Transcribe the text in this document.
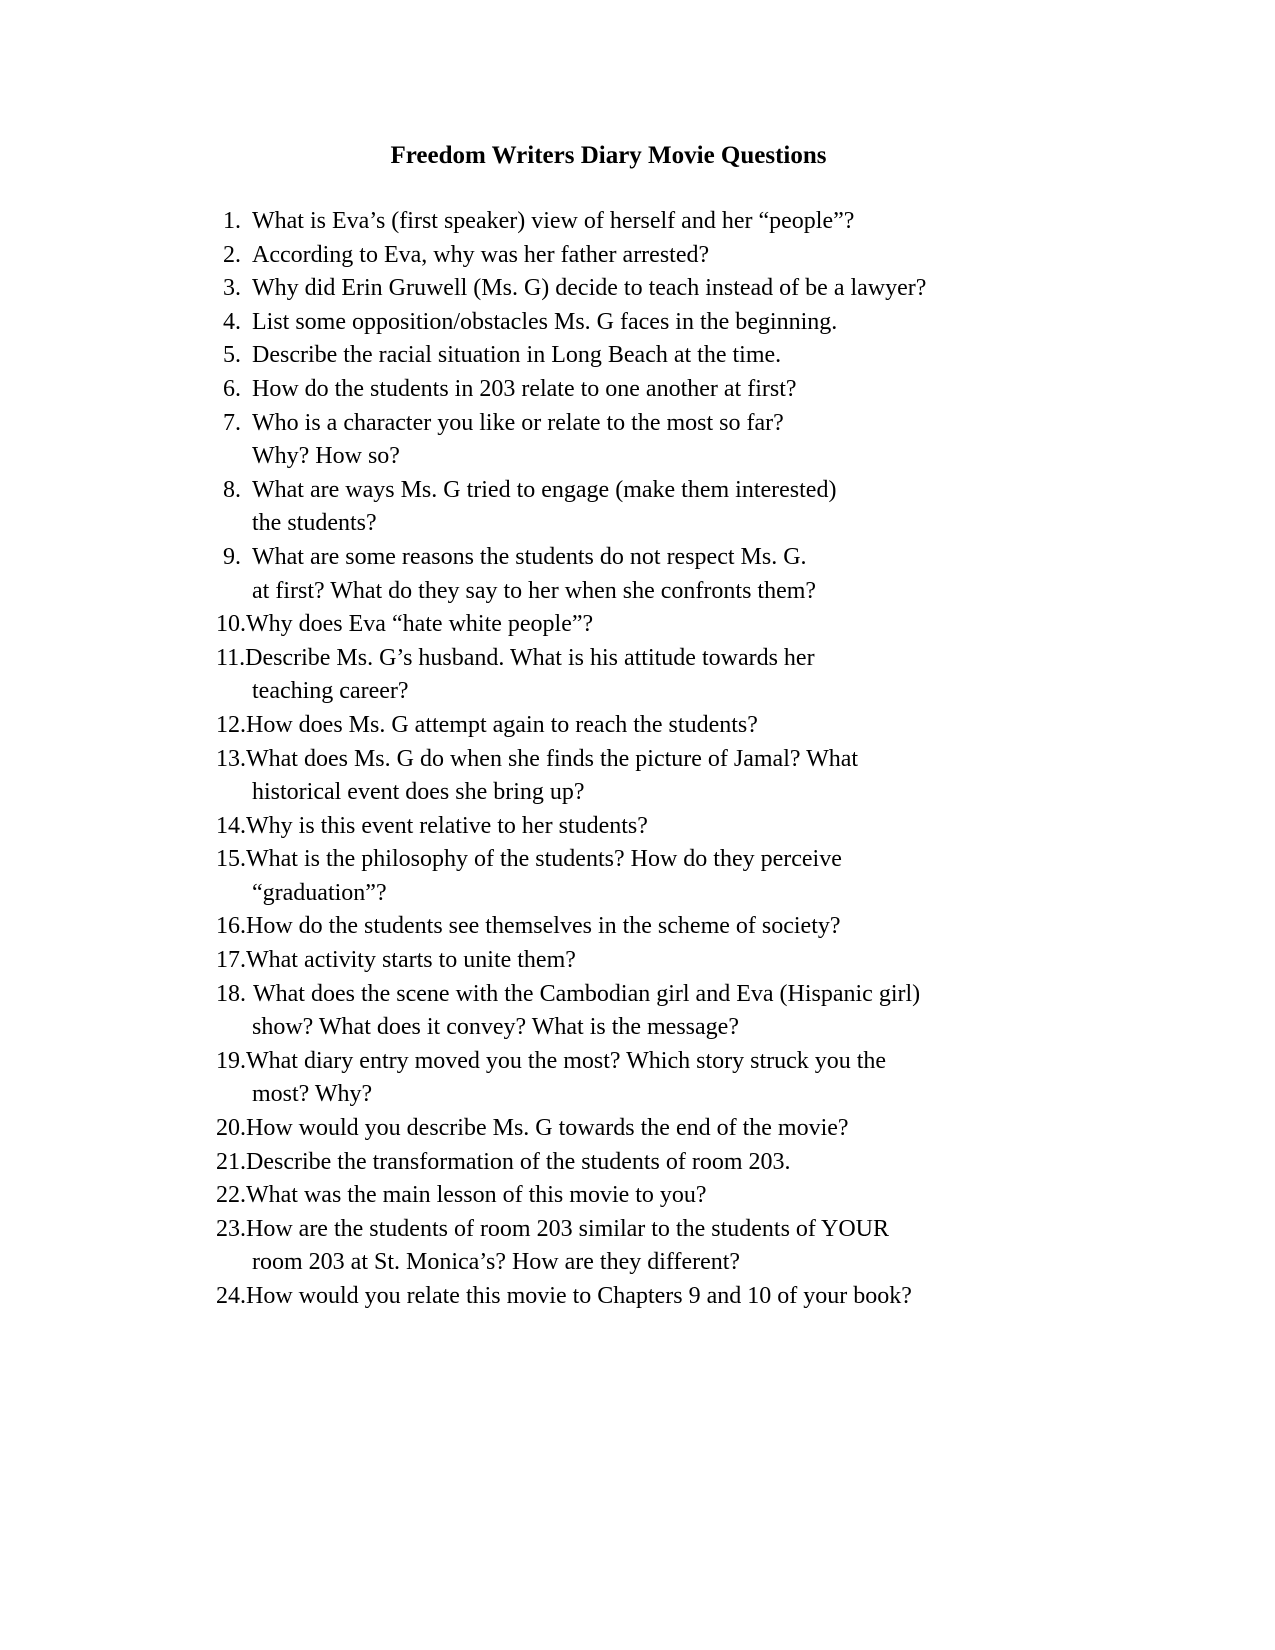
Freedom Writers Diary Movie Questions
1. What is Eva’s (first speaker) view of herself and her “people”?
2. According to Eva, why was her father arrested?
3. Why did Erin Gruwell (Ms. G) decide to teach instead of be a lawyer?
4. List some opposition/obstacles Ms. G faces in the beginning.
5. Describe the racial situation in Long Beach at the time.
6. How do the students in 203 relate to one another at first?
7. Who is a character you like or relate to the most so far?
Why? How so?
8. What are ways Ms. G tried to engage (make them interested)
the students?
9. What are some reasons the students do not respect Ms. G.
at first? What do they say to her when she confronts them?
10.Why does Eva “hate white people”?
11.Describe Ms. G’s husband. What is his attitude towards her
teaching career?
12.How does Ms. G attempt again to reach the students?
13.What does Ms. G do when she finds the picture of Jamal? What
historical event does she bring up?
14.Why is this event relative to her students?
15.What is the philosophy of the students? How do they perceive
“graduation”?
16.How do the students see themselves in the scheme of society?
17.What activity starts to unite them?
18. What does the scene with the Cambodian girl and Eva (Hispanic girl)
show? What does it convey? What is the message?
19.What diary entry moved you the most? Which story struck you the
most? Why?
20.How would you describe Ms. G towards the end of the movie?
21.Describe the transformation of the students of room 203.
22.What was the main lesson of this movie to you?
23.How are the students of room 203 similar to the students of YOUR
room 203 at St. Monica’s? How are they different?
24.How would you relate this movie to Chapters 9 and 10 of your book?
